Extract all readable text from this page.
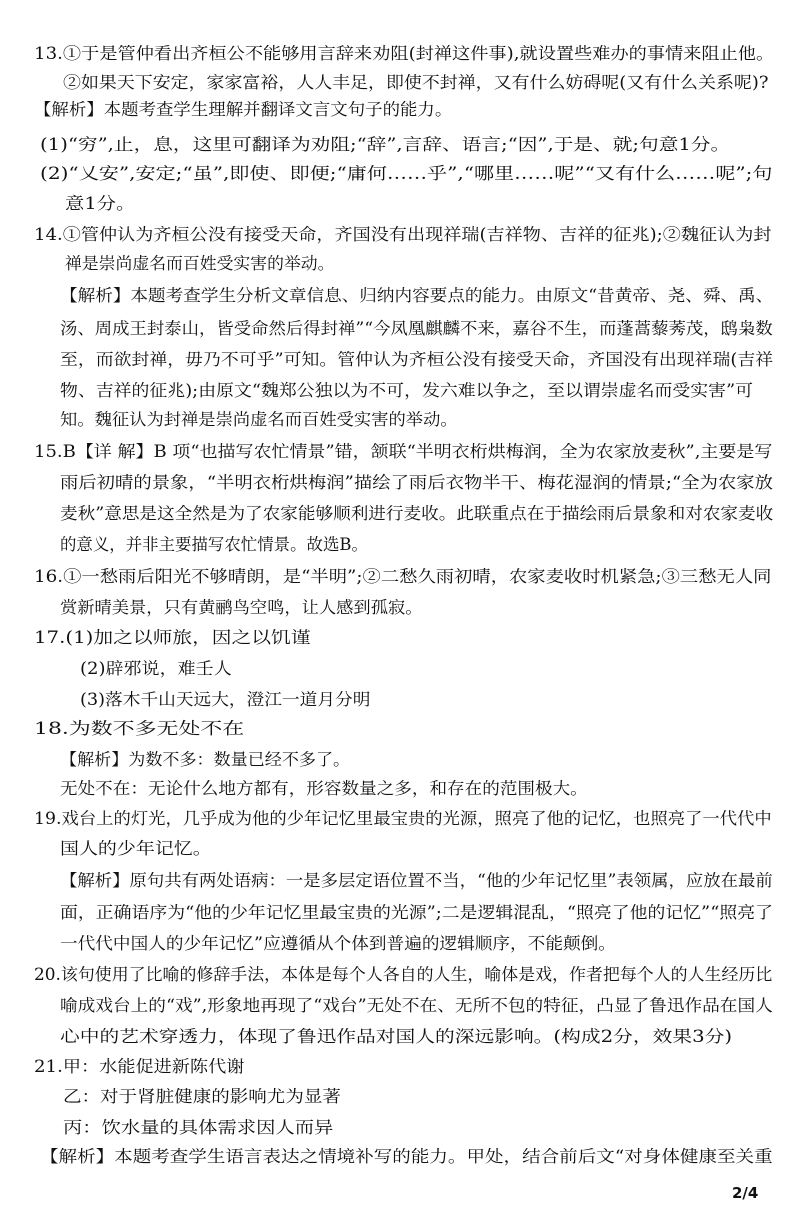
13.①于是管仲看出齐桓公不能够用言辞来劝阻(封禅这件事),就设置些难办的事情来阻止他。
②如果天下安定，家家富裕，人人丰足，即使不封禅，又有什么妨碍呢(又有什么关系呢)?
【解析】本题考查学生理解并翻译文言文句子的能力。
(1)“穷”,止，息，这里可翻译为劝阻;“辞”,言辞、语言;“因”,于是、就;句意1分。
(2)“乂安”,安定;“虽”,即使、即便;“庸何……乎”,“哪里……呢”“又有什么……呢”;句
意1分。
14.①管仲认为齐桓公没有接受天命，齐国没有出现祥瑞(吉祥物、吉祥的征兆);②魏征认为封
禅是崇尚虚名而百姓受实害的举动。
【解析】本题考查学生分析文章信息、归纳内容要点的能力。由原文“昔黄帝、尧、舜、禹、
汤、周成王封泰山，皆受命然后得封禅”“今凤凰麒麟不来，嘉谷不生，而蓬蒿藜莠茂，鸱枭数
至，而欲封禅，毋乃不可乎”可知。管仲认为齐桓公没有接受天命，齐国没有出现祥瑞(吉祥
物、吉祥的征兆);由原文“魏郑公独以为不可，发六难以争之，至以谓崇虚名而受实害”可
知。魏征认为封禅是崇尚虚名而百姓受实害的举动。
15.B【详 解】B 项“也描写农忙情景”错，颔联“半明衣桁烘梅润，全为农家放麦秋”,主要是写
雨后初晴的景象，“半明衣桁烘梅润”描绘了雨后衣物半干、梅花湿润的情景;“全为农家放
麦秋”意思是这全然是为了农家能够顺利进行麦收。此联重点在于描绘雨后景象和对农家麦收
的意义，并非主要描写农忙情景。故选B。
16.①一愁雨后阳光不够晴朗，是“半明”;②二愁久雨初晴，农家麦收时机紧急;③三愁无人同
赏新晴美景，只有黄鹂鸟空鸣，让人感到孤寂。
17.(1)加之以师旅，因之以饥谨
(2)辟邪说，难壬人
(3)落木千山天远大，澄江一道月分明
18.为数不多无处不在
【解析】为数不多：数量已经不多了。
无处不在：无论什么地方都有，形容数量之多，和存在的范围极大。
19.戏台上的灯光，几乎成为他的少年记忆里最宝贵的光源，照亮了他的记忆，也照亮了一代代中
国人的少年记忆。
【解析】原句共有两处语病：一是多层定语位置不当，“他的少年记忆里”表领属，应放在最前
面，正确语序为“他的少年记忆里最宝贵的光源”;二是逻辑混乱，“照亮了他的记忆”“照亮了
一代代中国人的少年记忆”应遵循从个体到普遍的逻辑顺序，不能颠倒。
20.该句使用了比喻的修辞手法，本体是每个人各自的人生，喻体是戏，作者把每个人的人生经历比
喻成戏台上的“戏”,形象地再现了“戏台”无处不在、无所不包的特征，凸显了鲁迅作品在国人
心中的艺术穿透力，体现了鲁迅作品对国人的深远影响。(构成2分，效果3分)
21.甲：水能促进新陈代谢
乙：对于肾脏健康的影响尤为显著
丙：饮水量的具体需求因人而异
【解析】本题考查学生语言表达之情境补写的能力。甲处，结合前后文“对身体健康至关重
2/4
